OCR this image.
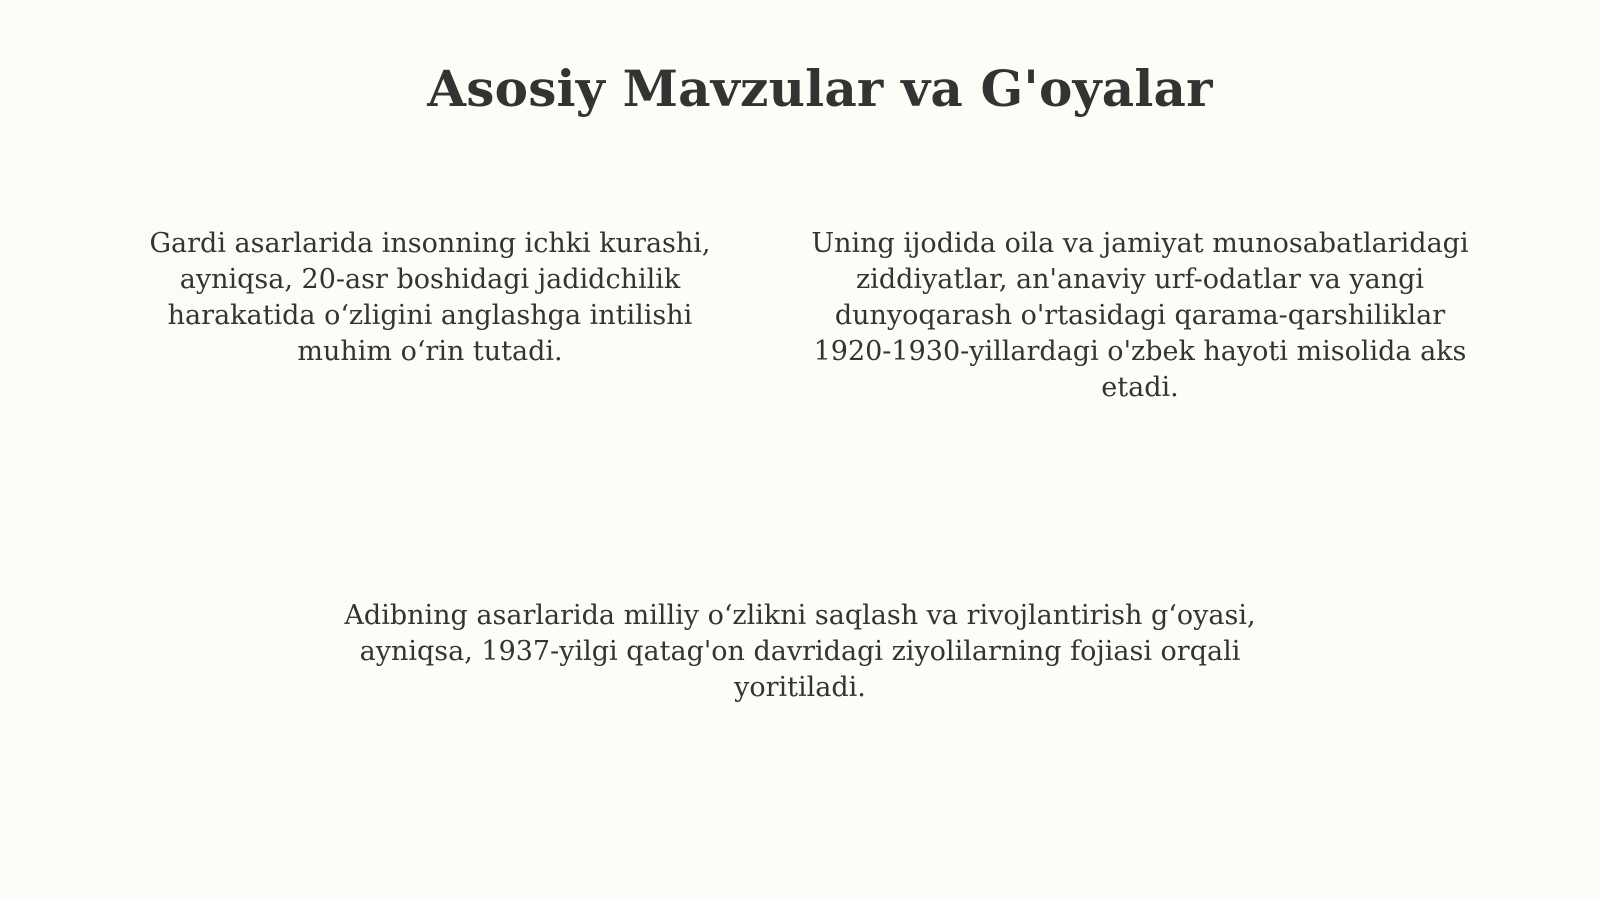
Asosiy Mavzular va G'oyalar

Gardi asarlarida insonning ichki kurashi, ayniqsa, 20-asr boshidagi jadidchilik harakatida o‘zligini anglashga intilishi muhim o‘rin tutadi.

Uning ijodida oila va jamiyat munosabatlaridagi ziddiyatlar, an'anaviy urf-odatlar va yangi dunyoqarash o'rtasidagi qarama-qarshiliklar 1920-1930-yillardagi o'zbek hayoti misolida aks etadi.

Adibning asarlarida milliy o‘zlikni saqlash va rivojlantirish g‘oyasi, ayniqsa, 1937-yilgi qatag'on davridagi ziyolilarning fojiasi orqali yoritiladi.
